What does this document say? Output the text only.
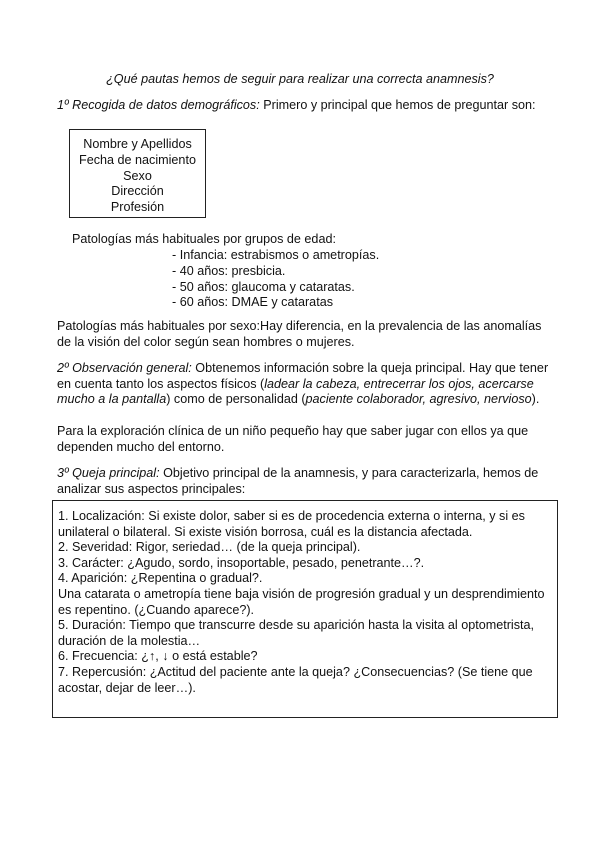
¿Qué pautas hemos de seguir para realizar una correcta anamnesis?
1º Recogida de datos demográficos: Primero y principal que hemos de preguntar son:
Nombre y Apellidos
Fecha de nacimiento
Sexo
Dirección
Profesión
Patologías más habituales por grupos de edad:
- Infancia: estrabismos o ametropías.
- 40 años: presbicia.
- 50 años: glaucoma y cataratas.
- 60 años: DMAE y cataratas
Patologías más habituales por sexo:Hay diferencia, en la prevalencia de las anomalías de la visión del color según sean hombres o mujeres.
2º Observación general: Obtenemos información sobre la queja principal. Hay que tener en cuenta tanto los aspectos físicos (ladear la cabeza, entrecerrar los ojos, acercarse mucho a la pantalla) como de personalidad (paciente colaborador, agresivo, nervioso).
Para la exploración clínica de un niño pequeño hay que saber jugar con ellos ya que dependen mucho del entorno.
3º Queja principal: Objetivo principal de la anamnesis, y para caracterizarla, hemos de analizar sus aspectos principales:
1. Localización: Si existe dolor, saber si es de procedencia externa o interna, y si es unilateral o bilateral. Si existe visión borrosa, cuál es la distancia afectada.
2. Severidad: Rigor, seriedad… (de la queja principal).
3. Carácter: ¿Agudo, sordo, insoportable, pesado, penetrante…?.
4. Aparición: ¿Repentina o gradual?.
Una catarata o ametropía tiene baja visión de progresión gradual y un desprendimiento es repentino. (¿Cuando aparece?).
5. Duración: Tiempo que transcurre desde su aparición hasta la visita al optometrista, duración de la molestia…
6. Frecuencia: ¿↑, ↓ o está estable?
7. Repercusión: ¿Actitud del paciente ante la queja? ¿Consecuencias? (Se tiene que acostar, dejar de leer…).
